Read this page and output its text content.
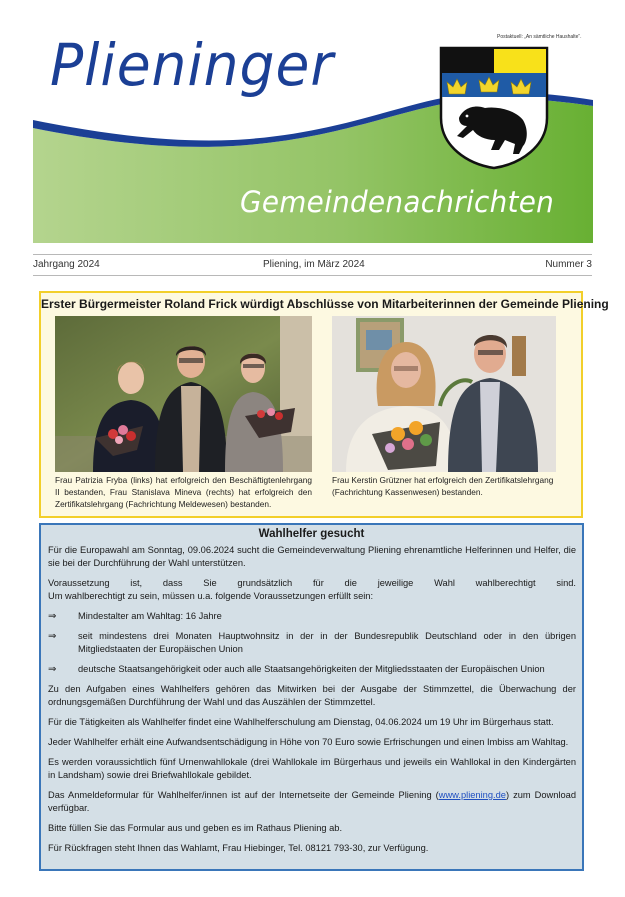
Postaktuell: „An sämtliche Haushalte“.
Plieninger
Gemeindenachrichten
Jahrgang 2024	Pliening, im März 2024	Nummer 3
Erster Bürgermeister Roland Frick würdigt Abschlüsse von Mitarbeiterinnen der Gemeinde Pliening
Frau Patrizia Fryba (links) hat erfolgreich den Beschäftigtenlehrgang II bestanden, Frau Stanislava Mineva (rechts) hat erfolgreich den Zertifikatslehrgang (Fachrichtung Meldewesen) bestanden.
Frau Kerstin Grützner hat erfolgreich den Zertifikatslehrgang (Fachrichtung Kassenwesen) bestanden.
Wahlhelfer gesucht

Für die Europawahl am Sonntag, 09.06.2024 sucht die Gemeindeverwaltung Pliening ehrenamtliche Helferinnen und Helfer, die sie bei der Durchführung der Wahl unterstützen.

Voraussetzung ist, dass Sie grundsätzlich für die jeweilige Wahl wahlberechtigt sind.
Um wahlberechtigt zu sein, müssen u.a. folgende Voraussetzungen erfüllt sein:

⇒	Mindestalter am Wahltag: 16 Jahre
⇒	seit mindestens drei Monaten Hauptwohnsitz in der in der Bundesrepublik Deutschland oder in den übrigen Mitgliedstaaten der Europäischen Union
⇒	deutsche Staatsangehörigkeit oder auch alle Staatsangehörigkeiten der Mitgliedsstaaten der Europäischen Union

Zu den Aufgaben eines Wahlhelfers gehören das Mitwirken bei der Ausgabe der Stimmzettel, die Überwachung der ordnungsgemäßen Durchführung der Wahl und das Auszählen der Stimmzettel.

Für die Tätigkeiten als Wahlhelfer findet eine Wahlhelferschulung am Dienstag, 04.06.2024 um 19 Uhr im Bürgerhaus statt.

Jeder Wahlhelfer erhält eine Aufwandsentschädigung in Höhe von 70 Euro sowie Erfrischungen und einen Imbiss am Wahltag.

Es werden voraussichtlich fünf Urnenwahllokale (drei Wahllokale im Bürgerhaus und jeweils ein Wahllokal in den Kindergärten in Landsham) sowie drei Briefwahllokale gebildet.

Das Anmeldeformular für Wahlhelfer/innen ist auf der Internetseite der Gemeinde Pliening (www.pliening.de) zum Download verfügbar.

Bitte füllen Sie das Formular aus und geben es im Rathaus Pliening ab.

Für Rückfragen steht Ihnen das Wahlamt, Frau Hiebinger, Tel. 08121 793-30, zur Verfügung.
